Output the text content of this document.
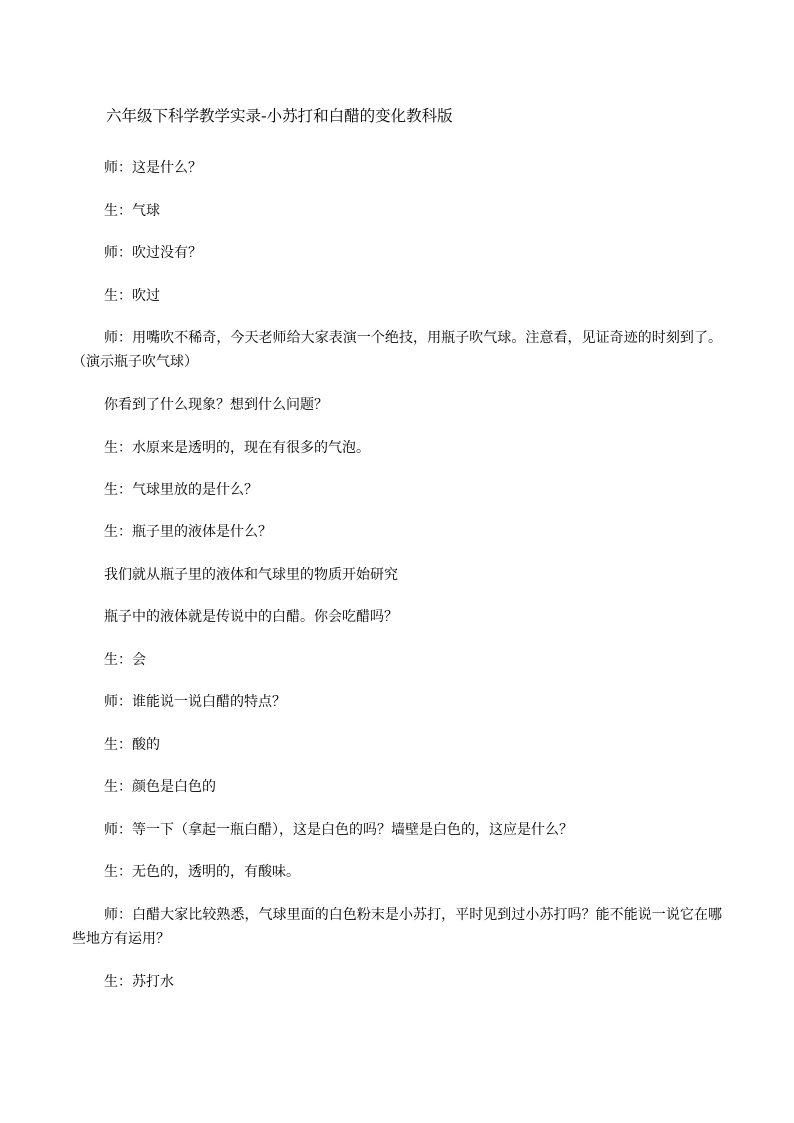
六年级下科学教学实录-小苏打和白醋的变化教科版

师：这是什么？

生：气球

师：吹过没有？

生：吹过

师：用嘴吹不稀奇，今天老师给大家表演一个绝技，用瓶子吹气球。注意看，见证奇迹的时刻到了。（演示瓶子吹气球）

你看到了什么现象？想到什么问题？

生：水原来是透明的，现在有很多的气泡。

生：气球里放的是什么？

生：瓶子里的液体是什么？

我们就从瓶子里的液体和气球里的物质开始研究

瓶子中的液体就是传说中的白醋。你会吃醋吗？

生：会

师：谁能说一说白醋的特点？

生：酸的

生：颜色是白色的

师：等一下（拿起一瓶白醋），这是白色的吗？墙壁是白色的，这应是什么？

生：无色的，透明的，有酸味。

师：白醋大家比较熟悉，气球里面的白色粉末是小苏打，平时见到过小苏打吗？能不能说一说它在哪些地方有运用？

生：苏打水
